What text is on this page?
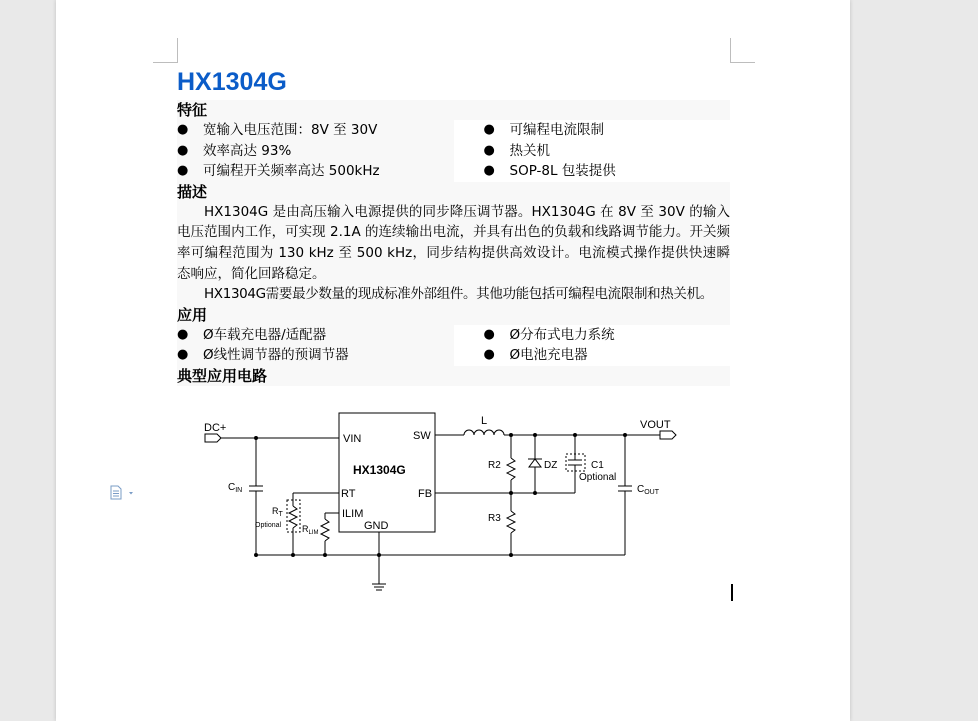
HX1304G
特征
●	宽输入电压范围：8V 至 30V
●	效率高达 93%
●	可编程开关频率高达 500kHz
●	可编程电流限制
●	热关机
●	SOP-8L 包装提供
描述

HX1304G 是由高压输入电源提供的同步降压调节器。HX1304G 在 8V 至 30V 的输入电压范围内工作，可实现 2.1A 的连续输出电流，并具有出色的负载和线路调节能力。开关频率可编程范围为 130 kHz 至 500 kHz，同步结构提供高效设计。电流模式操作提供快速瞬态响应，简化回路稳定。

HX1304G需要最少数量的现成标准外部组件。其他功能包括可编程电流限制和热关机。

应用
●	Ø车载充电器/适配器
●	Ø线性调节器的预调节器
●	Ø分布式电力系统
●	Ø电池充电器
典型应用电路
DC+	VOUT
VIN	SW
RT	FB
ILIM
GND
HX1304G
L
R2
R3
DZ	C1
Optional
$C_{IN}$	$C_{OUT}$
$R_T$
Optional $R_{LIM}$
